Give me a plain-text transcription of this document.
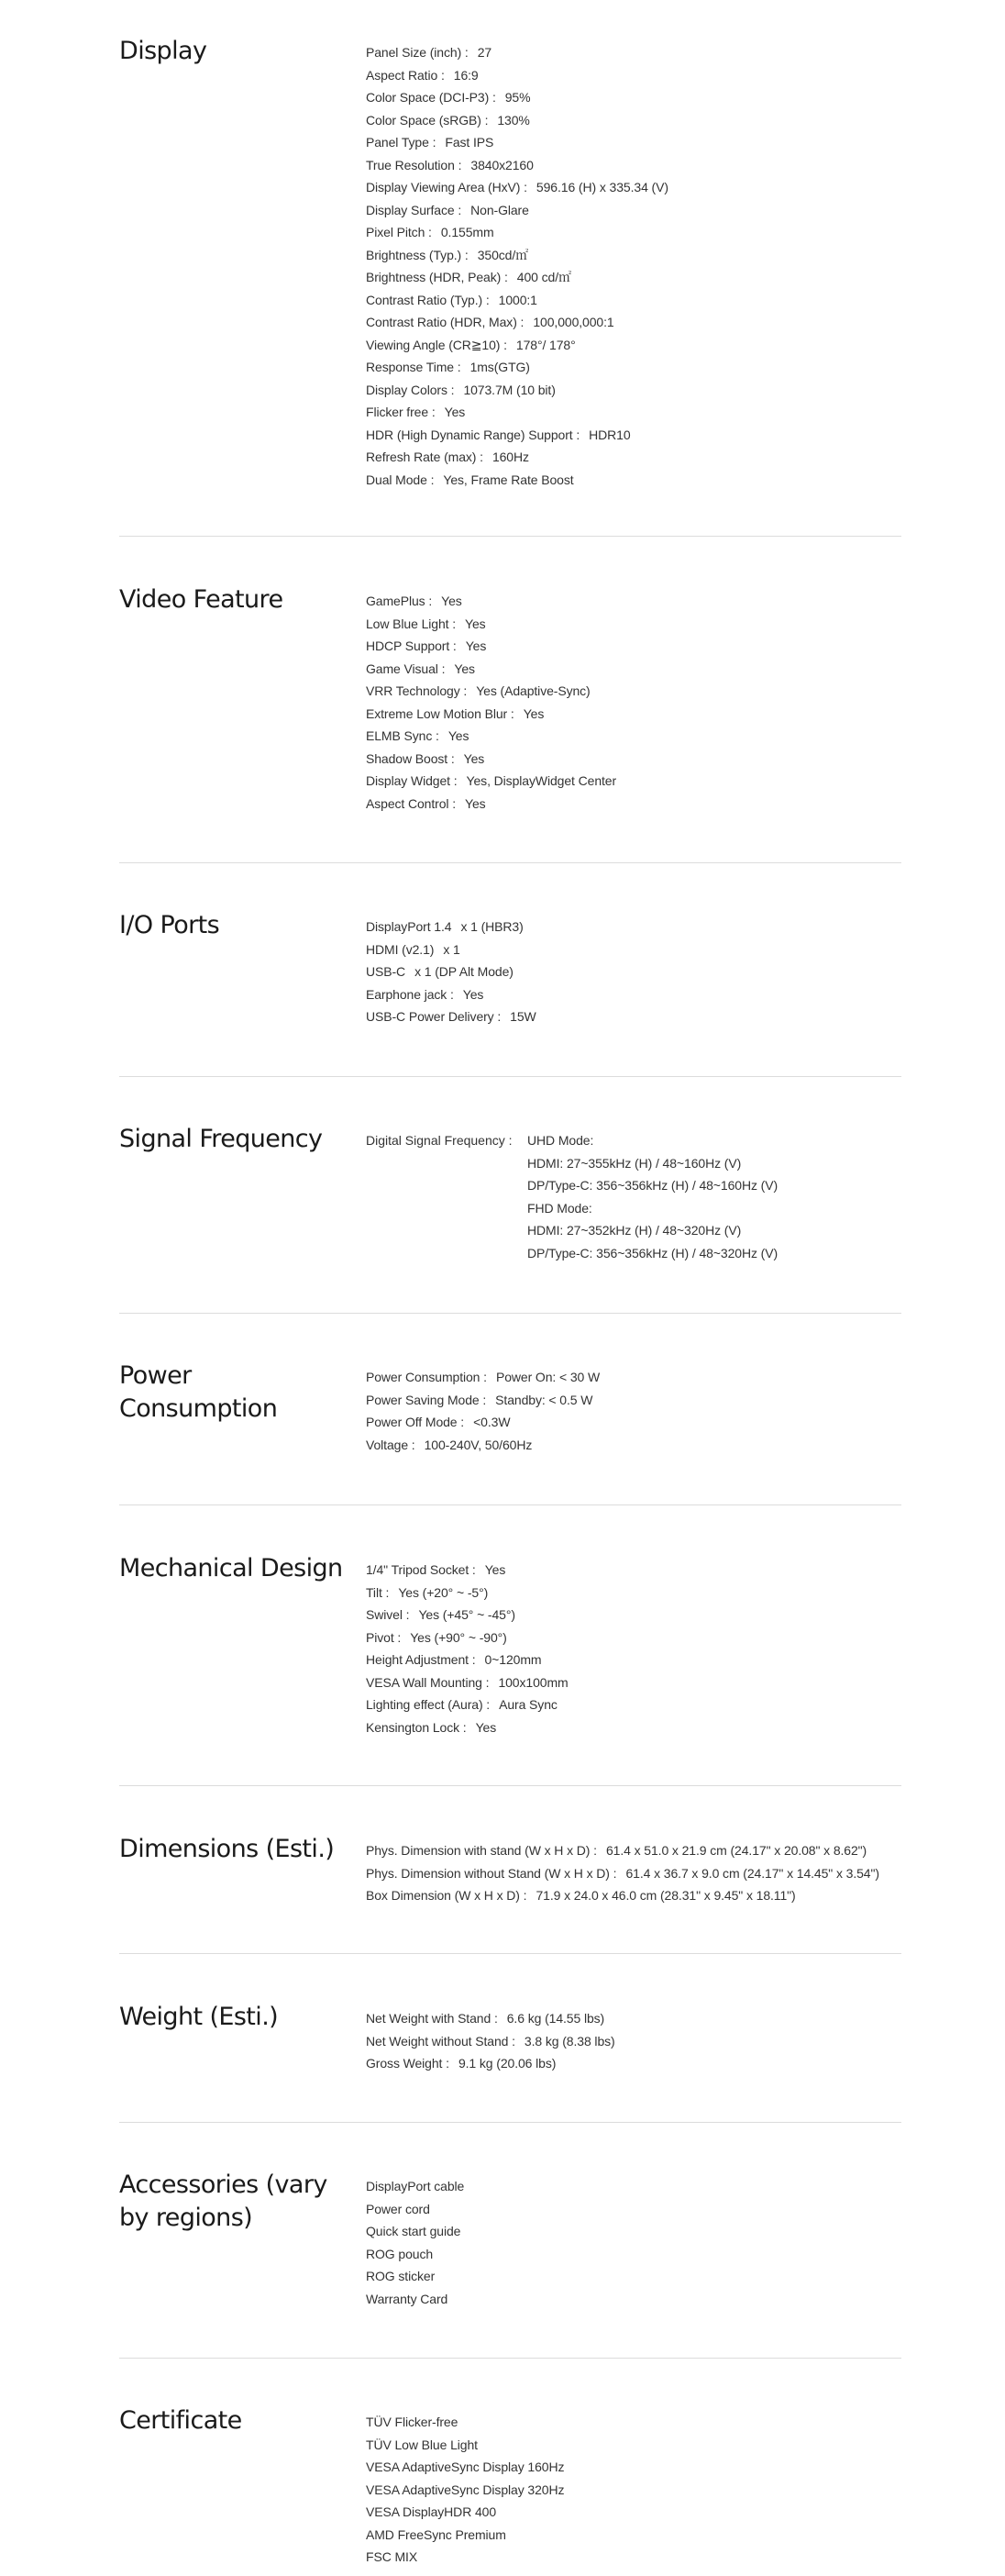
Display	Panel Size (inch) : 27
Aspect Ratio : 16:9
Color Space (DCI-P3) : 95%
Color Space (sRGB) : 130%
Panel Type : Fast IPS
True Resolution : 3840x2160
Display Viewing Area (HxV) : 596.16 (H) x 335.34 (V)
Display Surface : Non-Glare
Pixel Pitch : 0.155mm
Brightness (Typ.) : 350cd/㎡
Brightness (HDR, Peak) : 400 cd/㎡
Contrast Ratio (Typ.) : 1000:1
Contrast Ratio (HDR, Max) : 100,000,000:1
Viewing Angle (CR≧10) : 178°/ 178°
Response Time : 1ms(GTG)
Display Colors : 1073.7M (10 bit)
Flicker free : Yes
HDR (High Dynamic Range) Support : HDR10
Refresh Rate (max) : 160Hz
Dual Mode : Yes, Frame Rate Boost
Video Feature	GamePlus : Yes
Low Blue Light : Yes
HDCP Support : Yes
Game Visual : Yes
VRR Technology : Yes (Adaptive-Sync)
Extreme Low Motion Blur : Yes
ELMB Sync : Yes
Shadow Boost : Yes
Display Widget : Yes, DisplayWidget Center
Aspect Control : Yes
I/O Ports	DisplayPort 1.4 x 1 (HBR3)
HDMI (v2.1) x 1
USB-C x 1 (DP Alt Mode)
Earphone jack : Yes
USB-C Power Delivery : 15W
Signal Frequency	Digital Signal Frequency : UHD Mode:
HDMI: 27~355kHz (H) / 48~160Hz (V)
DP/Type-C: 356~356kHz (H) / 48~160Hz (V)
FHD Mode:
HDMI: 27~352kHz (H) / 48~320Hz (V)
DP/Type-C: 356~356kHz (H) / 48~320Hz (V)
Power
Consumption
Power Consumption : Power On: < 30 W
Power Saving Mode : Standby: < 0.5 W
Power Off Mode : <0.3W
Voltage : 100-240V, 50/60Hz
Mechanical Design	1/4" Tripod Socket : Yes
Tilt : Yes (+20° ~ -5°)
Swivel : Yes (+45° ~ -45°)
Pivot : Yes (+90° ~ -90°)
Height Adjustment : 0~120mm
VESA Wall Mounting : 100x100mm
Lighting effect (Aura) : Aura Sync
Kensington Lock : Yes
Dimensions (Esti.)	Phys. Dimension with stand (W x H x D) : 61.4 x 51.0 x 21.9 cm (24.17" x 20.08" x 8.62")
Phys. Dimension without Stand (W x H x D) : 61.4 x 36.7 x 9.0 cm (24.17" x 14.45" x 3.54")
Box Dimension (W x H x D) : 71.9 x 24.0 x 46.0 cm (28.31" x 9.45" x 18.11")
Weight (Esti.)	Net Weight with Stand : 6.6 kg (14.55 lbs)
Net Weight without Stand : 3.8 kg (8.38 lbs)
Gross Weight : 9.1 kg (20.06 lbs)
Accessories (vary
by regions)
DisplayPort cable
Power cord
Quick start guide
ROG pouch
ROG sticker
Warranty Card
Certificate	TÜV Flicker-free
TÜV Low Blue Light
VESA AdaptiveSync Display 160Hz
VESA AdaptiveSync Display 320Hz
VESA DisplayHDR 400
AMD FreeSync Premium
FSC MIX
